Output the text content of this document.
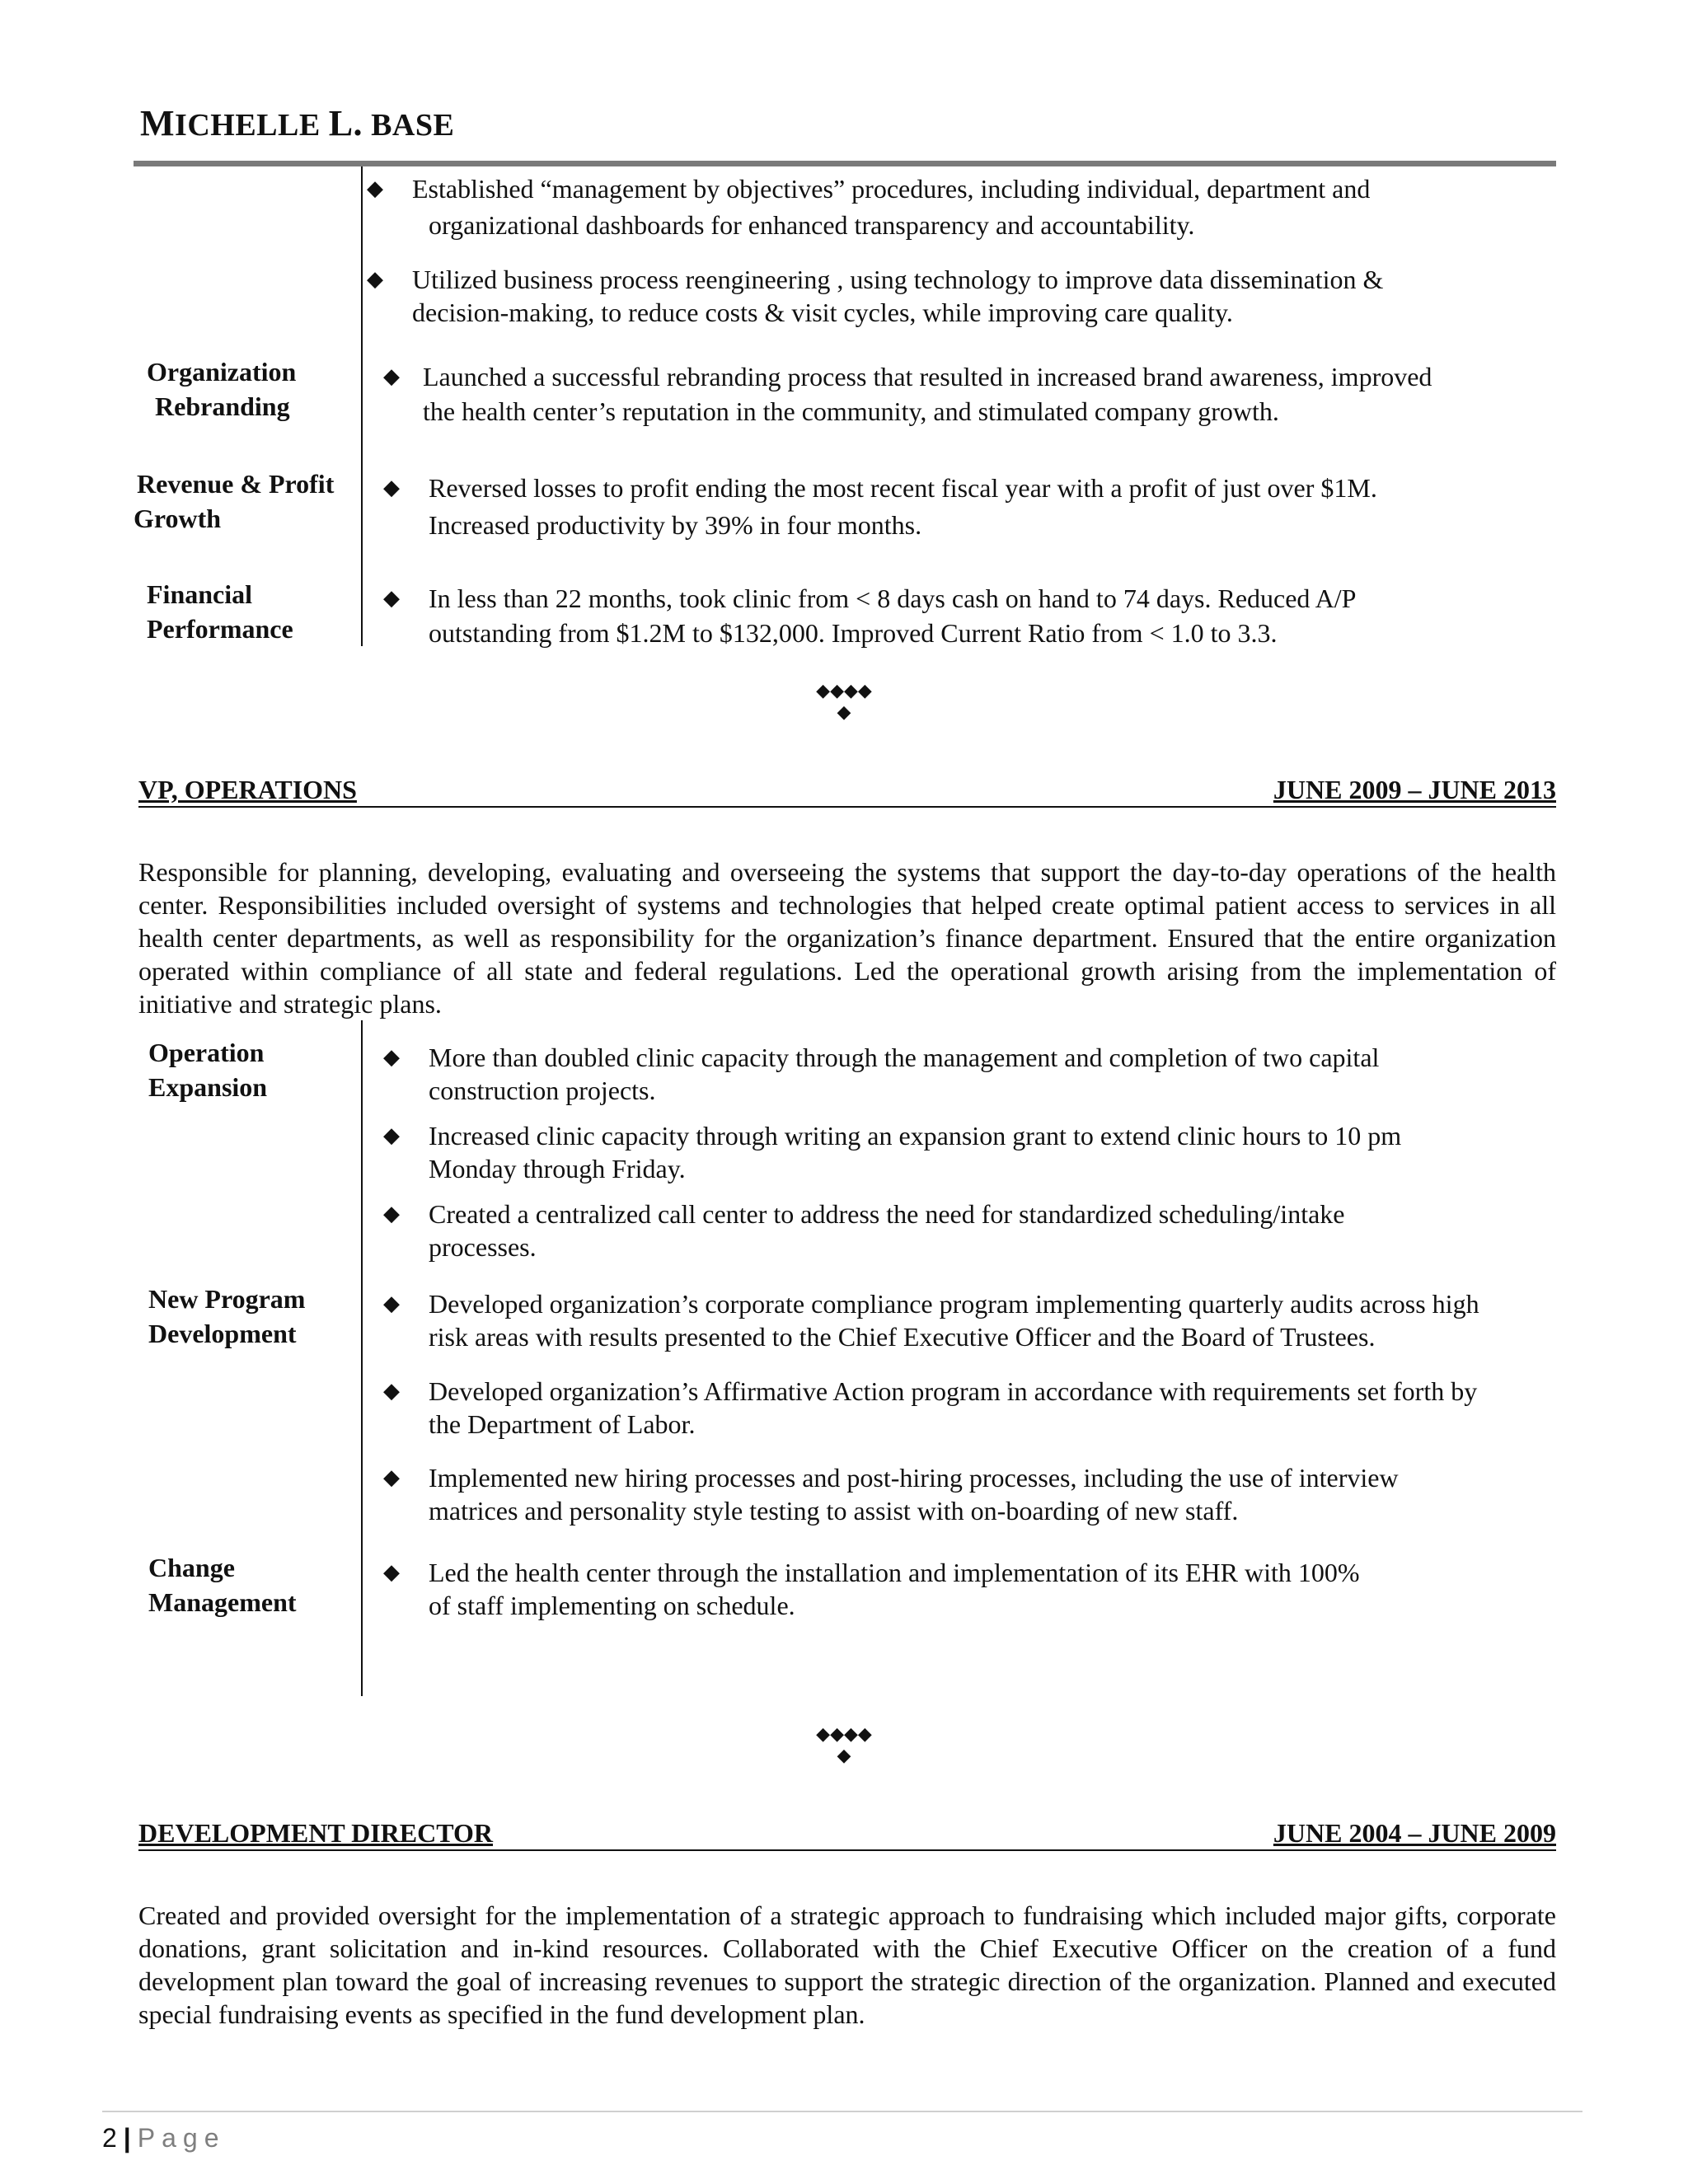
MICHELLE L. BASE
◆ Established “management by objectives” procedures, including individual, department and
organizational dashboards for enhanced transparency and accountability.
◆ Utilized business process reengineering , using technology to improve data dissemination &
decision-making, to reduce costs & visit cycles, while improving care quality.
Organization
Rebranding
◆ Launched a successful rebranding process that resulted in increased brand awareness, improved
the health center’s reputation in the community, and stimulated company growth.
Revenue & Profit
Growth
◆ Reversed losses to profit ending the most recent fiscal year with a profit of just over $1M.
Increased productivity by 39% in four months.
Financial
Performance
◆ In less than 22 months, took clinic from < 8 days cash on hand to 74 days. Reduced A/P
outstanding from $1.2M to $132,000. Improved Current Ratio from < 1.0 to 3.3.
◆◆◆◆
◆
VP, OPERATIONS	JUNE 2009 – JUNE 2013
Responsible for planning, developing, evaluating and overseeing the systems that support the day-to-day operations of the health center. Responsibilities included oversight of systems and technologies that helped create optimal patient access to services in all health center departments, as well as responsibility for the organization’s finance department. Ensured that the entire organization operated within compliance of all state and federal regulations. Led the operational growth arising from the implementation of initiative and strategic plans.
Operation
Expansion
New Program
Development
Change
Management
◆ More than doubled clinic capacity through the management and completion of two capital
construction projects.
◆ Increased clinic capacity through writing an expansion grant to extend clinic hours to 10 pm
Monday through Friday.
◆ Created a centralized call center to address the need for standardized scheduling/intake
processes.
◆ Developed organization’s corporate compliance program implementing quarterly audits across high
risk areas with results presented to the Chief Executive Officer and the Board of Trustees.
◆ Developed organization’s Affirmative Action program in accordance with requirements set forth by
the Department of Labor.
◆ Implemented new hiring processes and post-hiring processes, including the use of interview
matrices and personality style testing to assist with on-boarding of new staff.
◆ Led the health center through the installation and implementation of its EHR with 100%
of staff implementing on schedule.
◆◆◆◆
◆
DEVELOPMENT DIRECTOR	JUNE 2004 – JUNE 2009
Created and provided oversight for the implementation of a strategic approach to fundraising which included major gifts, corporate donations, grant solicitation and in-kind resources. Collaborated with the Chief Executive Officer on the creation of a fund development plan toward the goal of increasing revenues to support the strategic direction of the organization. Planned and executed special fundraising events as specified in the fund development plan.
2 | Page
